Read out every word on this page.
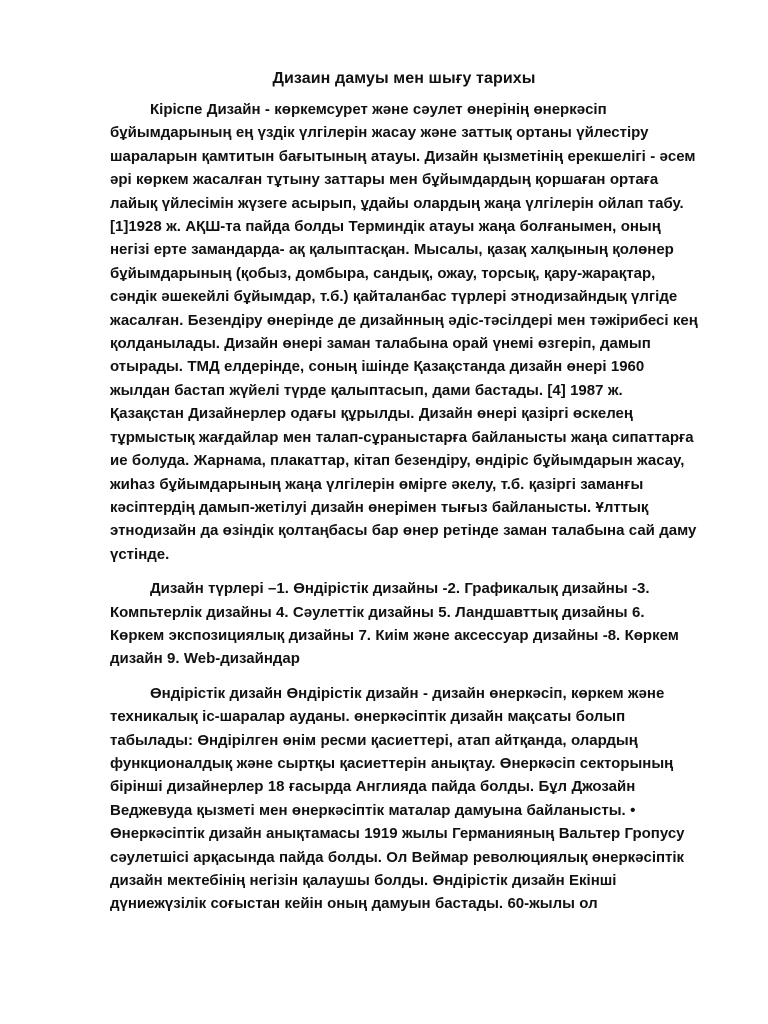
Дизаин дамуы мен шығу тарихы

Кіріспе Дизайн - көркемсурет және сәулет өнерінің өнеркәсіп бұйымдарының ең үздік үлгілерін жасау және заттық ортаны үйлестіру шараларын қамтитын бағытының атауы. Дизайн қызметінің ерекшелігі - әсем әрі көркем жасалған тұтыну заттары мен бұйымдардың қоршаған ортаға лайық үйлесімін жүзеге асырып, ұдайы олардың жаңа үлгілерін ойлап табу.[1]1928 ж. АҚШ-та пайда болды Терминдік атауы жаңа болғанымен, оның негізі ерте замандарда- ақ қалыптасқан. Мысалы, қазақ халқының қолөнер бұйымдарының (қобыз, домбыра, сандық, ожау, торсық, қару-жарақтар, сәндік әшекейлі бұйымдар, т.б.) қайталанбас түрлері этнодизайндық үлгіде жасалған. Безендіру өнерінде де дизайнның әдіс-тәсілдері мен тәжірибесі кең қолданылады. Дизайн өнері заман талабына орай үнемі өзгеріп, дамып отырады. ТМД елдерінде, соның ішінде Қазақстанда дизайн өнері 1960 жылдан бастап жүйелі түрде қалыптасып, дами бастады. [4] 1987 ж. Қазақстан Дизайнерлер одағы құрылды. Дизайн өнері қазіргі өскелең тұрмыстық жағдайлар мен талап-сұраныстарға байланысты жаңа сипаттарға ие болуда. Жарнама, плакаттар, кітап безендіру, өндіріс бұйымдарын жасау, жиһаз бұйымдарының жаңа үлгілерін өмірге әкелу, т.б. қазіргі заманғы кәсіптердің дамып-жетілуі дизайн өнерімен тығыз байланысты. Ұлттық этнодизайн да өзіндік қолтаңбасы бар өнер ретінде заман талабына сай даму үстінде.

Дизайн түрлері –1. Өндірістік дизайны -2. Графикалық дизайны -3. Компьтерлік дизайны 4. Сәулеттік дизайны 5. Ландшавттық дизайны 6. Көркем экспозициялық дизайны 7. Киім және аксессуар дизайны -8. Көркем дизайн 9. Web-дизайндар

Өндірістік дизайн Өндірістік дизайн - дизайн өнеркәсіп, көркем және техникалық іс-шаралар ауданы. өнеркәсіптік дизайн мақсаты болып табылады: Өндірілген өнім ресми қасиеттері, атап айтқанда, олардың функционалдық және сыртқы қасиеттерін анықтау. Өнеркәсіп секторының бірінші дизайнерлер 18 ғасырда Англияда пайда болды. Бұл Джозайн Веджевуда қызметі мен өнеркәсіптік маталар дамуына байланысты. • Өнеркәсіптік дизайн анықтамасы 1919 жылы Германияның Вальтер Гропусу сәулетшісі арқасында пайда болды. Ол Веймар революциялық өнеркәсіптік дизайн мектебінің негізін қалаушы болды. Өндірістік дизайн Екінші дүниежүзілік соғыстан кейін оның дамуын бастады. 60-жылы ол
